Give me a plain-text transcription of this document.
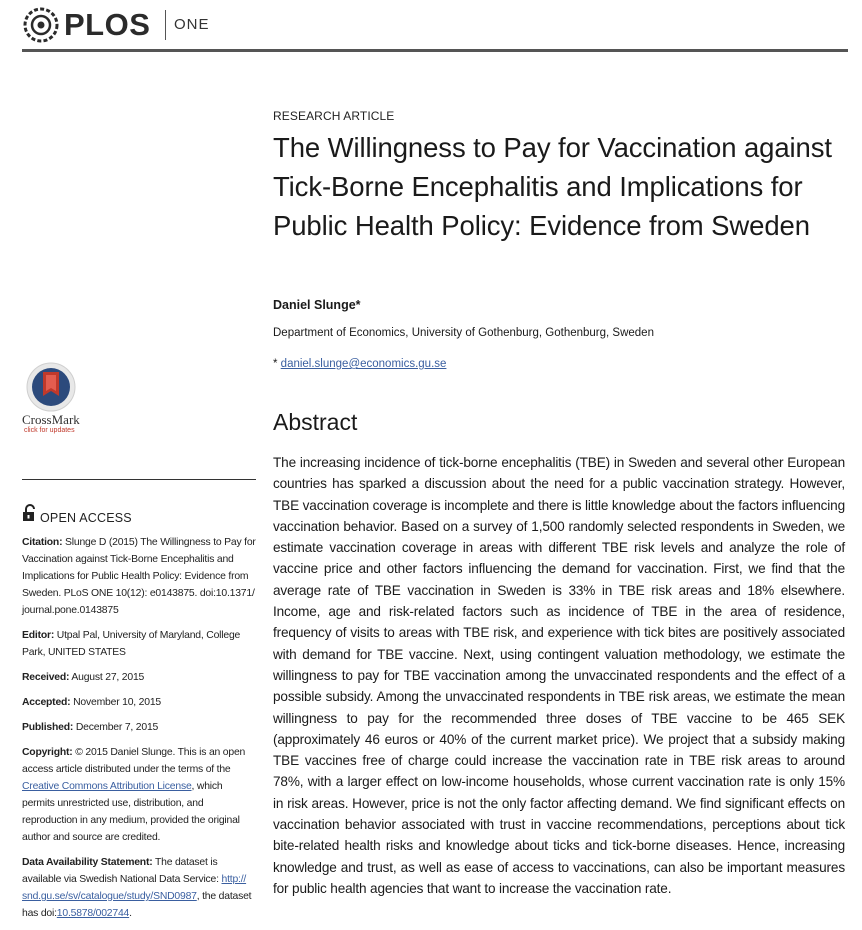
PLOS ONE
CrossMark
click for updates
OPEN ACCESS
Citation: Slunge D (2015) The Willingness to Pay for Vaccination against Tick-Borne Encephalitis and Implications for Public Health Policy: Evidence from Sweden. PLoS ONE 10(12): e0143875. doi:10.1371/ journal.pone.0143875
Editor: Utpal Pal, University of Maryland, College Park, UNITED STATES
Received: August 27, 2015
Accepted: November 10, 2015
Published: December 7, 2015
Copyright: © 2015 Daniel Slunge. This is an open access article distributed under the terms of the Creative Commons Attribution License, which permits unrestricted use, distribution, and reproduction in any medium, provided the original author and source are credited.
Data Availability Statement: The dataset is available via Swedish National Data Service: http:// snd.gu.se/sv/catalogue/study/SND0987, the dataset has doi:10.5878/002744.
RESEARCH ARTICLE
The Willingness to Pay for Vaccination against Tick-Borne Encephalitis and Implications for Public Health Policy: Evidence from Sweden
Daniel Slunge*
Department of Economics, University of Gothenburg, Gothenburg, Sweden
* daniel.slunge@economics.gu.se
Abstract

The increasing incidence of tick-borne encephalitis (TBE) in Sweden and several other European countries has sparked a discussion about the need for a public vaccination strategy. However, TBE vaccination coverage is incomplete and there is little knowledge about the factors influencing vaccination behavior. Based on a survey of 1,500 randomly selected respondents in Sweden, we estimate vaccination coverage in areas with different TBE risk levels and analyze the role of vaccine price and other factors influencing the demand for vaccination. First, we find that the average rate of TBE vaccination in Sweden is 33% in TBE risk areas and 18% elsewhere. Income, age and risk-related factors such as incidence of TBE in the area of residence, frequency of visits to areas with TBE risk, and experience with tick bites are positively associated with demand for TBE vaccine. Next, using contingent valuation methodology, we estimate the willingness to pay for TBE vaccination among the unvaccinated respondents and the effect of a possible subsidy. Among the unvaccinated respondents in TBE risk areas, we estimate the mean willingness to pay for the recommended three doses of TBE vaccine to be 465 SEK (approximately 46 euros or 40% of the current market price). We project that a subsidy making TBE vaccines free of charge could increase the vaccination rate in TBE risk areas to around 78%, with a larger effect on low-income households, whose current vaccination rate is only 15% in risk areas. However, price is not the only factor affecting demand. We find significant effects on vaccination behavior associated with trust in vaccine recommendations, perceptions about tick bite-related health risks and knowledge about ticks and tick-borne diseases. Hence, increasing knowledge and trust, as well as ease of access to vaccinations, can also be important measures for public health agencies that want to increase the vaccination rate.
